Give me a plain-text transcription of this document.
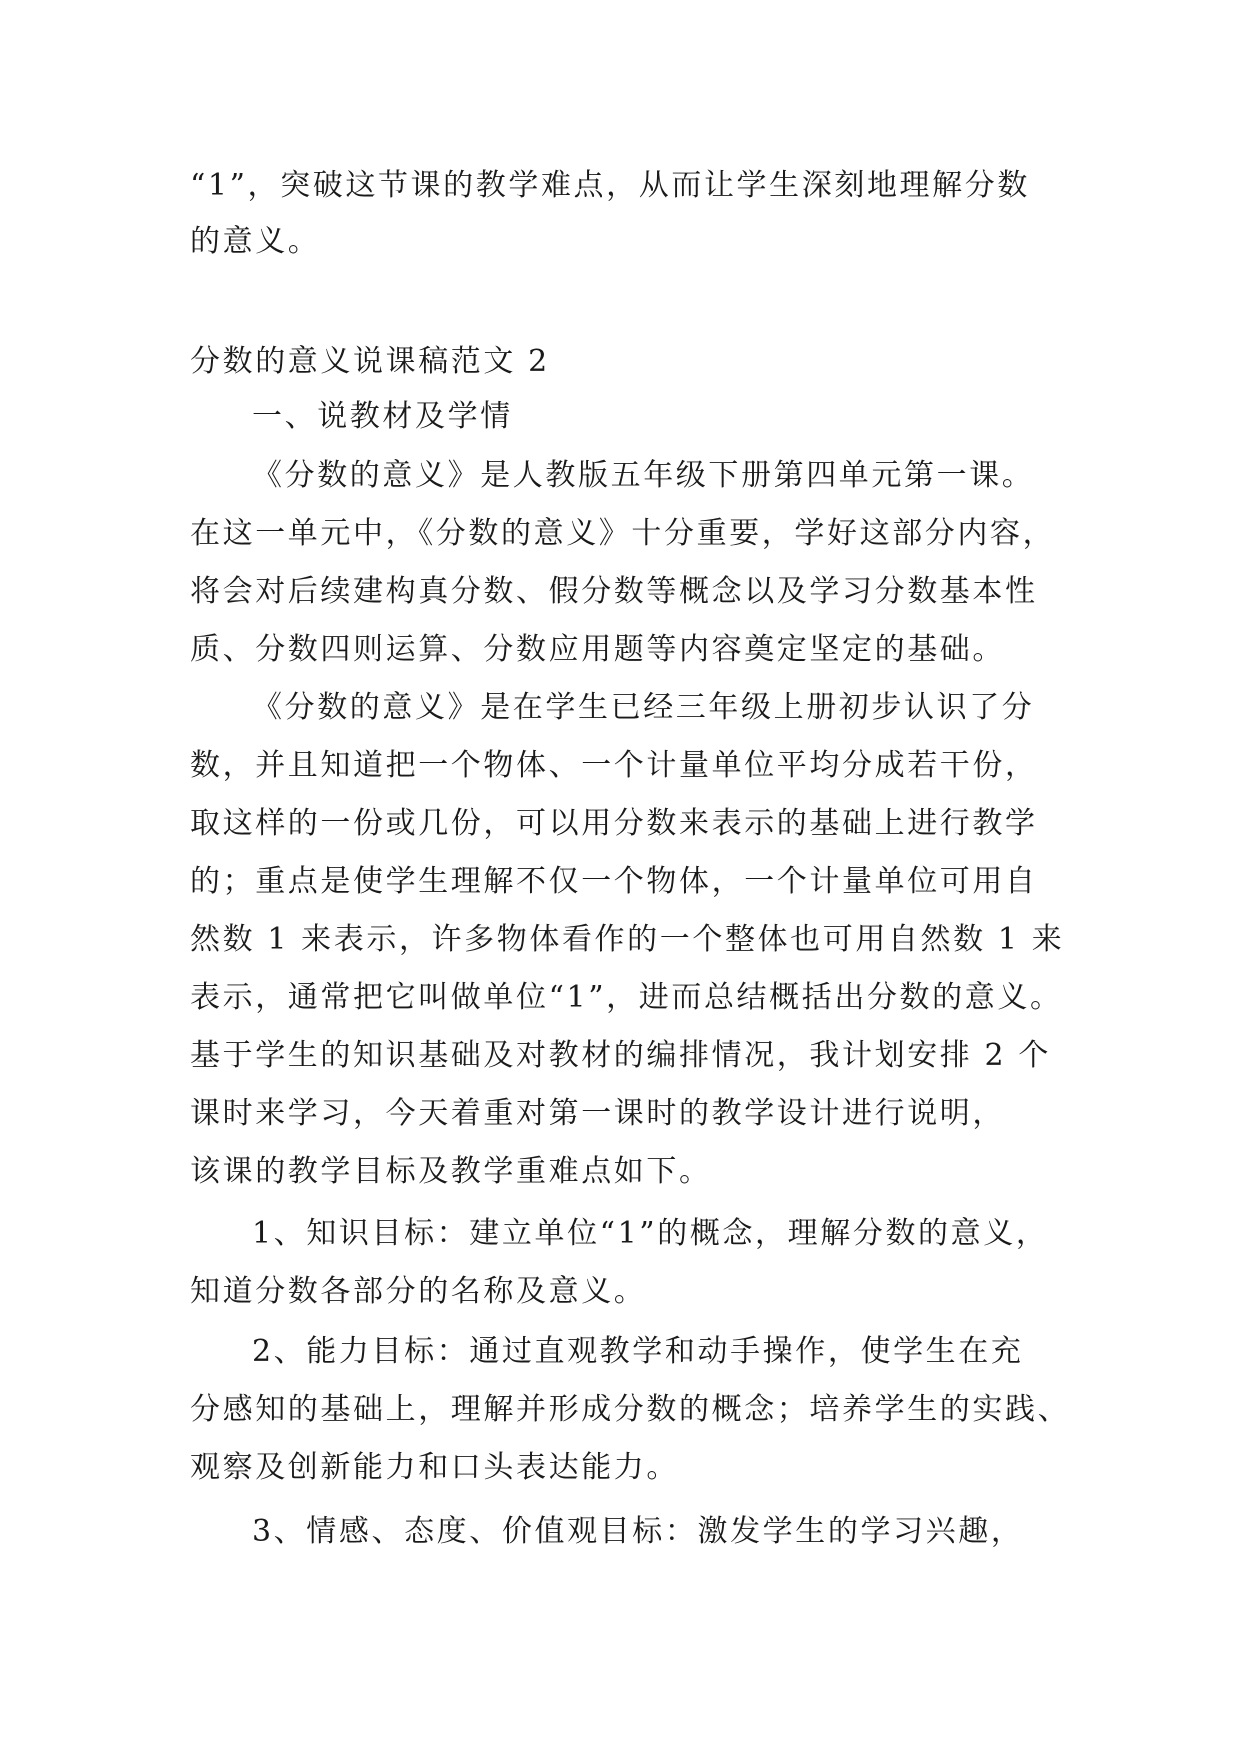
“1”，突破这节课的教学难点，从而让学生深刻地理解分数
的意义。
分数的意义说课稿范文 2
一、说教材及学情
《分数的意义》是人教版五年级下册第四单元第一课。
在这一单元中，《分数的意义》十分重要，学好这部分内容，
将会对后续建构真分数、假分数等概念以及学习分数基本性
质、分数四则运算、分数应用题等内容奠定坚定的基础。
《分数的意义》是在学生已经三年级上册初步认识了分
数，并且知道把一个物体、一个计量单位平均分成若干份，
取这样的一份或几份，可以用分数来表示的基础上进行教学
的；重点是使学生理解不仅一个物体，一个计量单位可用自
然数 1 来表示，许多物体看作的一个整体也可用自然数 1 来
表示，通常把它叫做单位“1”，进而总结概括出分数的意义。
基于学生的知识基础及对教材的编排情况，我计划安排 2 个
课时来学习，今天着重对第一课时的教学设计进行说明，
该课的教学目标及教学重难点如下。
1、知识目标：建立单位“1”的概念，理解分数的意义，
知道分数各部分的名称及意义。
2、能力目标：通过直观教学和动手操作，使学生在充
分感知的基础上，理解并形成分数的概念；培养学生的实践、
观察及创新能力和口头表达能力。
3、情感、态度、价值观目标：激发学生的学习兴趣，
